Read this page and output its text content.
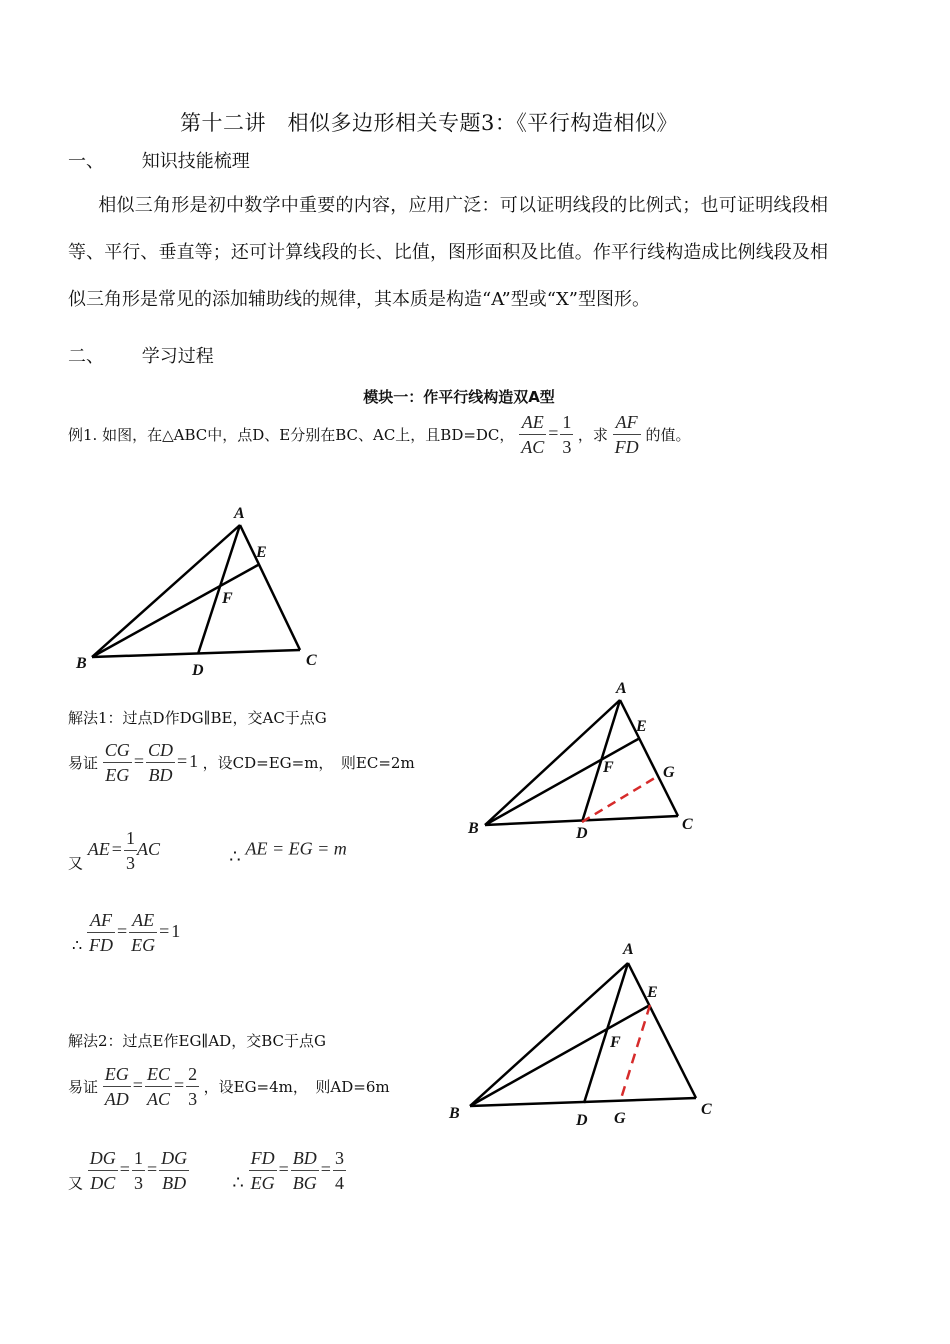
第十二讲　相似多边形相关专题3：《平行构造相似》
一、 知识技能梳理
相似三角形是初中数学中重要的内容，应用广泛：可以证明线段的比例式；也可证明线段相等、平行、垂直等；还可计算线段的长、比值，图形面积及比值。作平行线构造成比例线段及相似三角形是常见的添加辅助线的规律，其本质是构造“A”型或“X”型图形。
二、 学习过程
模块一：作平行线构造双A型
例1. 如图，在△ABC中，点D、E分别在BC、AC上，且BD=DC， $\frac{AE}{AC} = \frac{1}{3}$ ，求 $\frac{AF}{FD}$ 的值。
A
E
F
B	D
C
解法1：过点D作DG∥BE，交AC于点G
易证 $\frac{CG}{EG} = \frac{CD}{BD} = 1$ ，设CD=EG=m，　则EC=2m
又 AE = $\frac{1}{3}$ AC	∴ AE = EG = m
∴ $\frac{AF}{FD} = \frac{AE}{EG} = 1$
A
E
F	G
B	D
C
解法2：过点E作EG∥AD，交BC于点G
易证 $\frac{EG}{AD} = \frac{EC}{AC} = \frac{2}{3}$ ，设EG=4m，　则AD=6m
又 $\frac{DG}{DC} = \frac{1}{3} = \frac{DG}{BD}$ ∴ $\frac{FD}{EG} = \frac{BD}{BG} = \frac{3}{4}$
A
E
F
B	D G
C
